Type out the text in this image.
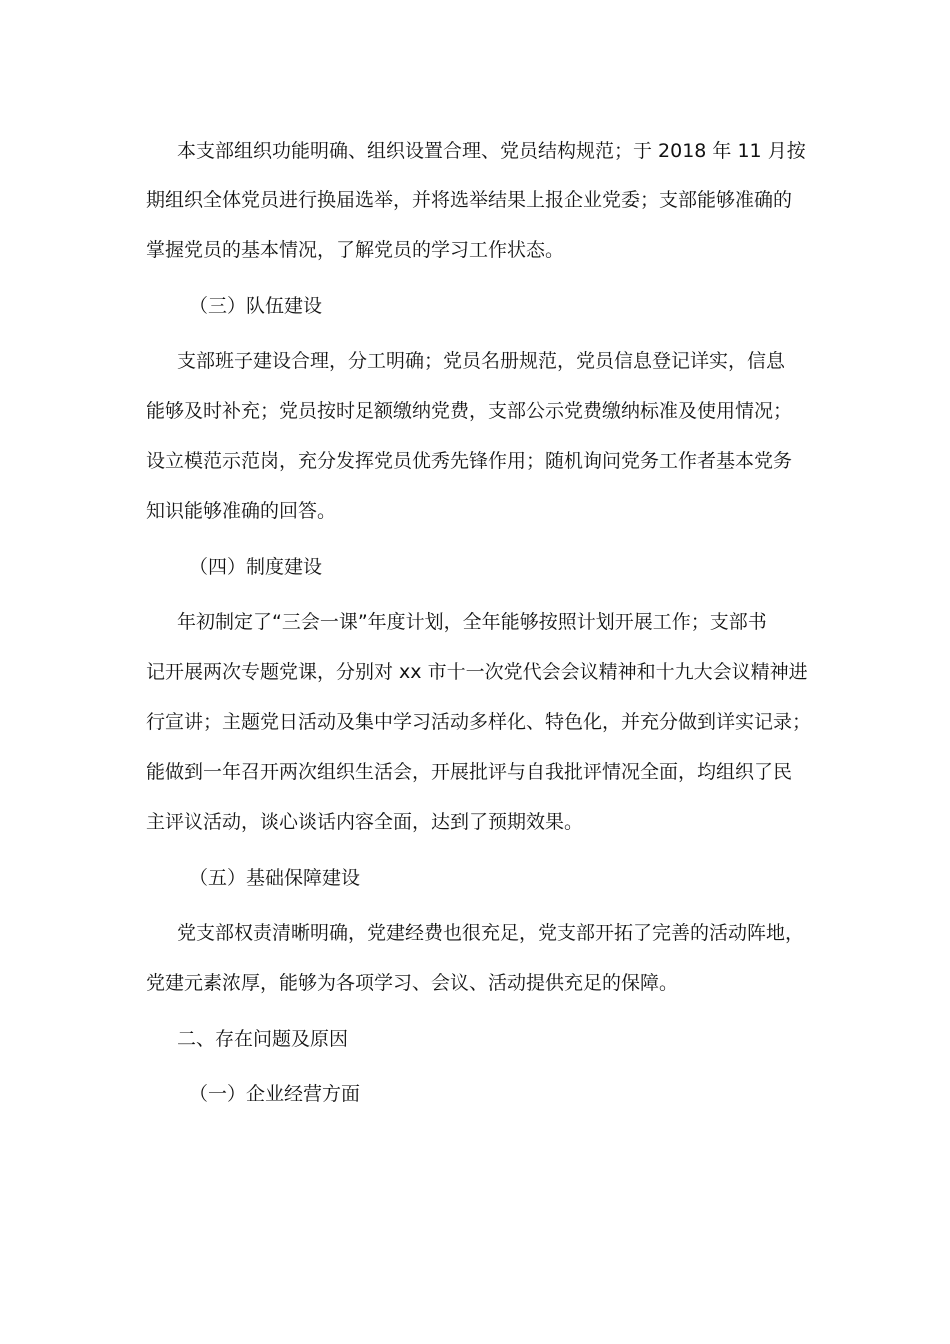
本支部组织功能明确、组织设置合理、党员结构规范；于 2018 年 11 月按
期组织全体党员进行换届选举，并将选举结果上报企业党委；支部能够准确的
掌握党员的基本情况，了解党员的学习工作状态。
（三）队伍建设
支部班子建设合理，分工明确；党员名册规范，党员信息登记详实，信息
能够及时补充；党员按时足额缴纳党费，支部公示党费缴纳标准及使用情况；
设立模范示范岗，充分发挥党员优秀先锋作用；随机询问党务工作者基本党务
知识能够准确的回答。
（四）制度建设
年初制定了“三会一课”年度计划，全年能够按照计划开展工作；支部书
记开展两次专题党课，分别对 xx 市十一次党代会会议精神和十九大会议精神进
行宣讲；主题党日活动及集中学习活动多样化、特色化，并充分做到详实记录；
能做到一年召开两次组织生活会，开展批评与自我批评情况全面，均组织了民
主评议活动，谈心谈话内容全面，达到了预期效果。
（五）基础保障建设
党支部权责清晰明确，党建经费也很充足，党支部开拓了完善的活动阵地，
党建元素浓厚，能够为各项学习、会议、活动提供充足的保障。
二、存在问题及原因
（一）企业经营方面
